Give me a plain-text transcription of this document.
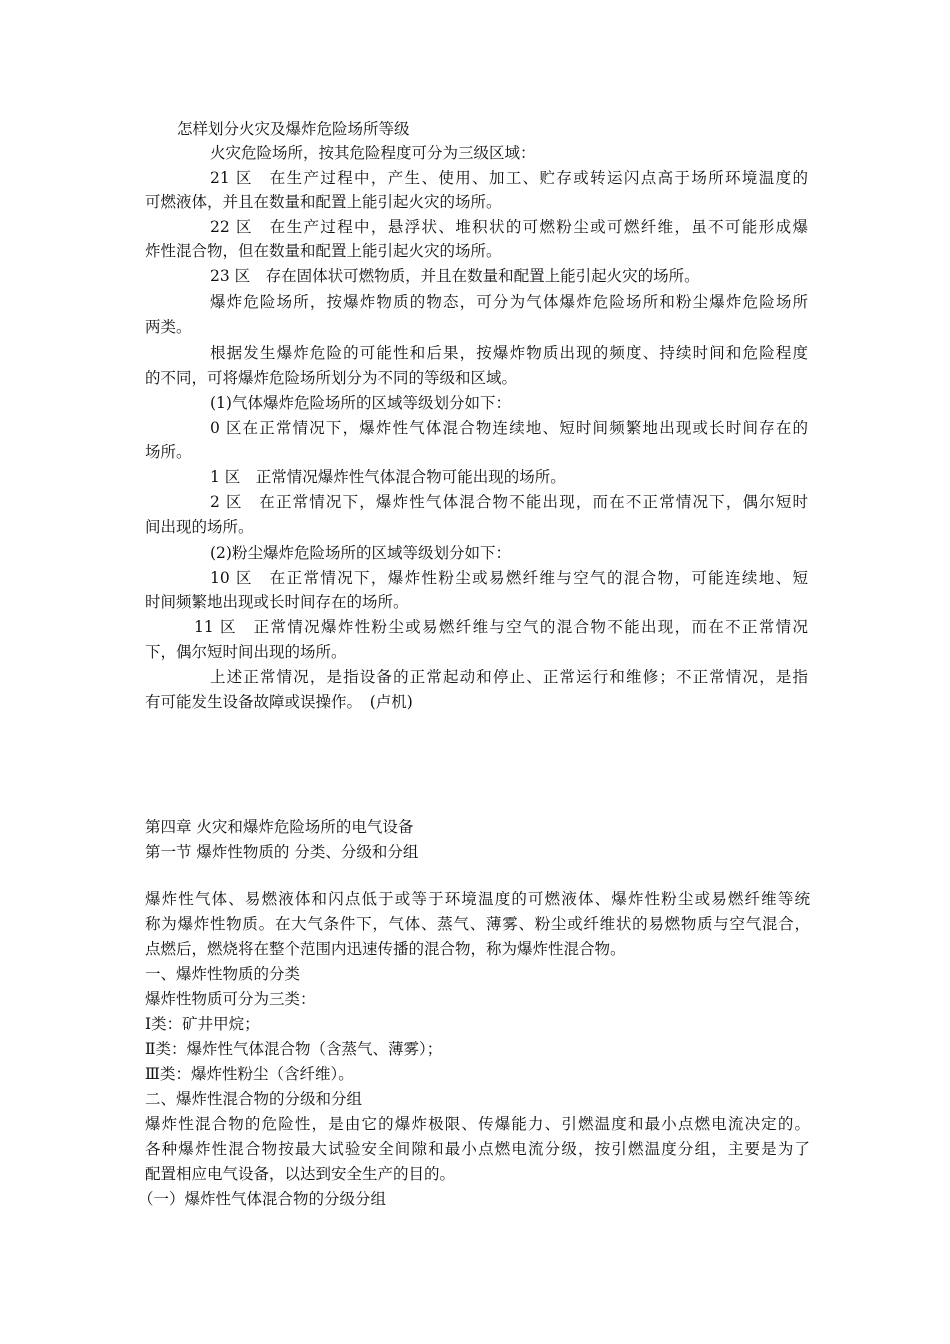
怎样划分火灾及爆炸危险场所等级
火灾危险场所，按其危险程度可分为三级区域：
21 区　在生产过程中，产生、使用、加工、贮存或转运闪点高于场所环境温度的
可燃液体，并且在数量和配置上能引起火灾的场所。
22 区　在生产过程中，悬浮状、堆积状的可燃粉尘或可燃纤维，虽不可能形成爆
炸性混合物，但在数量和配置上能引起火灾的场所。
23 区　存在固体状可燃物质，并且在数量和配置上能引起火灾的场所。
爆炸危险场所，按爆炸物质的物态，可分为气体爆炸危险场所和粉尘爆炸危险场所
两类。
根据发生爆炸危险的可能性和后果，按爆炸物质出现的频度、持续时间和危险程度
的不同，可将爆炸危险场所划分为不同的等级和区域。
(1)气体爆炸危险场所的区域等级划分如下：
0 区在正常情况下，爆炸性气体混合物连续地、短时间频繁地出现或长时间存在的
场所。
1 区　正常情况爆炸性气体混合物可能出现的场所。
2 区　在正常情况下，爆炸性气体混合物不能出现，而在不正常情况下，偶尔短时
间出现的场所。
(2)粉尘爆炸危险场所的区域等级划分如下：
10 区　在正常情况下，爆炸性粉尘或易燃纤维与空气的混合物，可能连续地、短
时间频繁地出现或长时间存在的场所。
11 区　正常情况爆炸性粉尘或易燃纤维与空气的混合物不能出现，而在不正常情况
下，偶尔短时间出现的场所。
上述正常情况，是指设备的正常起动和停止、正常运行和维修；不正常情况，是指
有可能发生设备故障或误操作。　(卢机)
第四章 火灾和爆炸危险场所的电气设备
第一节 爆炸性物质的 分类、分级和分组
爆炸性气体、易燃液体和闪点低于或等于环境温度的可燃液体、爆炸性粉尘或易燃纤维等统
称为爆炸性物质。在大气条件下，气体、蒸气、薄雾、粉尘或纤维状的易燃物质与空气混合，
点燃后，燃烧将在整个范围内迅速传播的混合物，称为爆炸性混合物。
一、爆炸性物质的分类
爆炸性物质可分为三类：
Ⅰ类：矿井甲烷；
Ⅱ类：爆炸性气体混合物（含蒸气、薄雾）；
Ⅲ类：爆炸性粉尘（含纤维）。
二、爆炸性混合物的分级和分组
爆炸性混合物的危险性，是由它的爆炸极限、传爆能力、引燃温度和最小点燃电流决定的。
各种爆炸性混合物按最大试验安全间隙和最小点燃电流分级，按引燃温度分组，主要是为了
配置相应电气设备，以达到安全生产的目的。
（一）爆炸性气体混合物的分级分组
